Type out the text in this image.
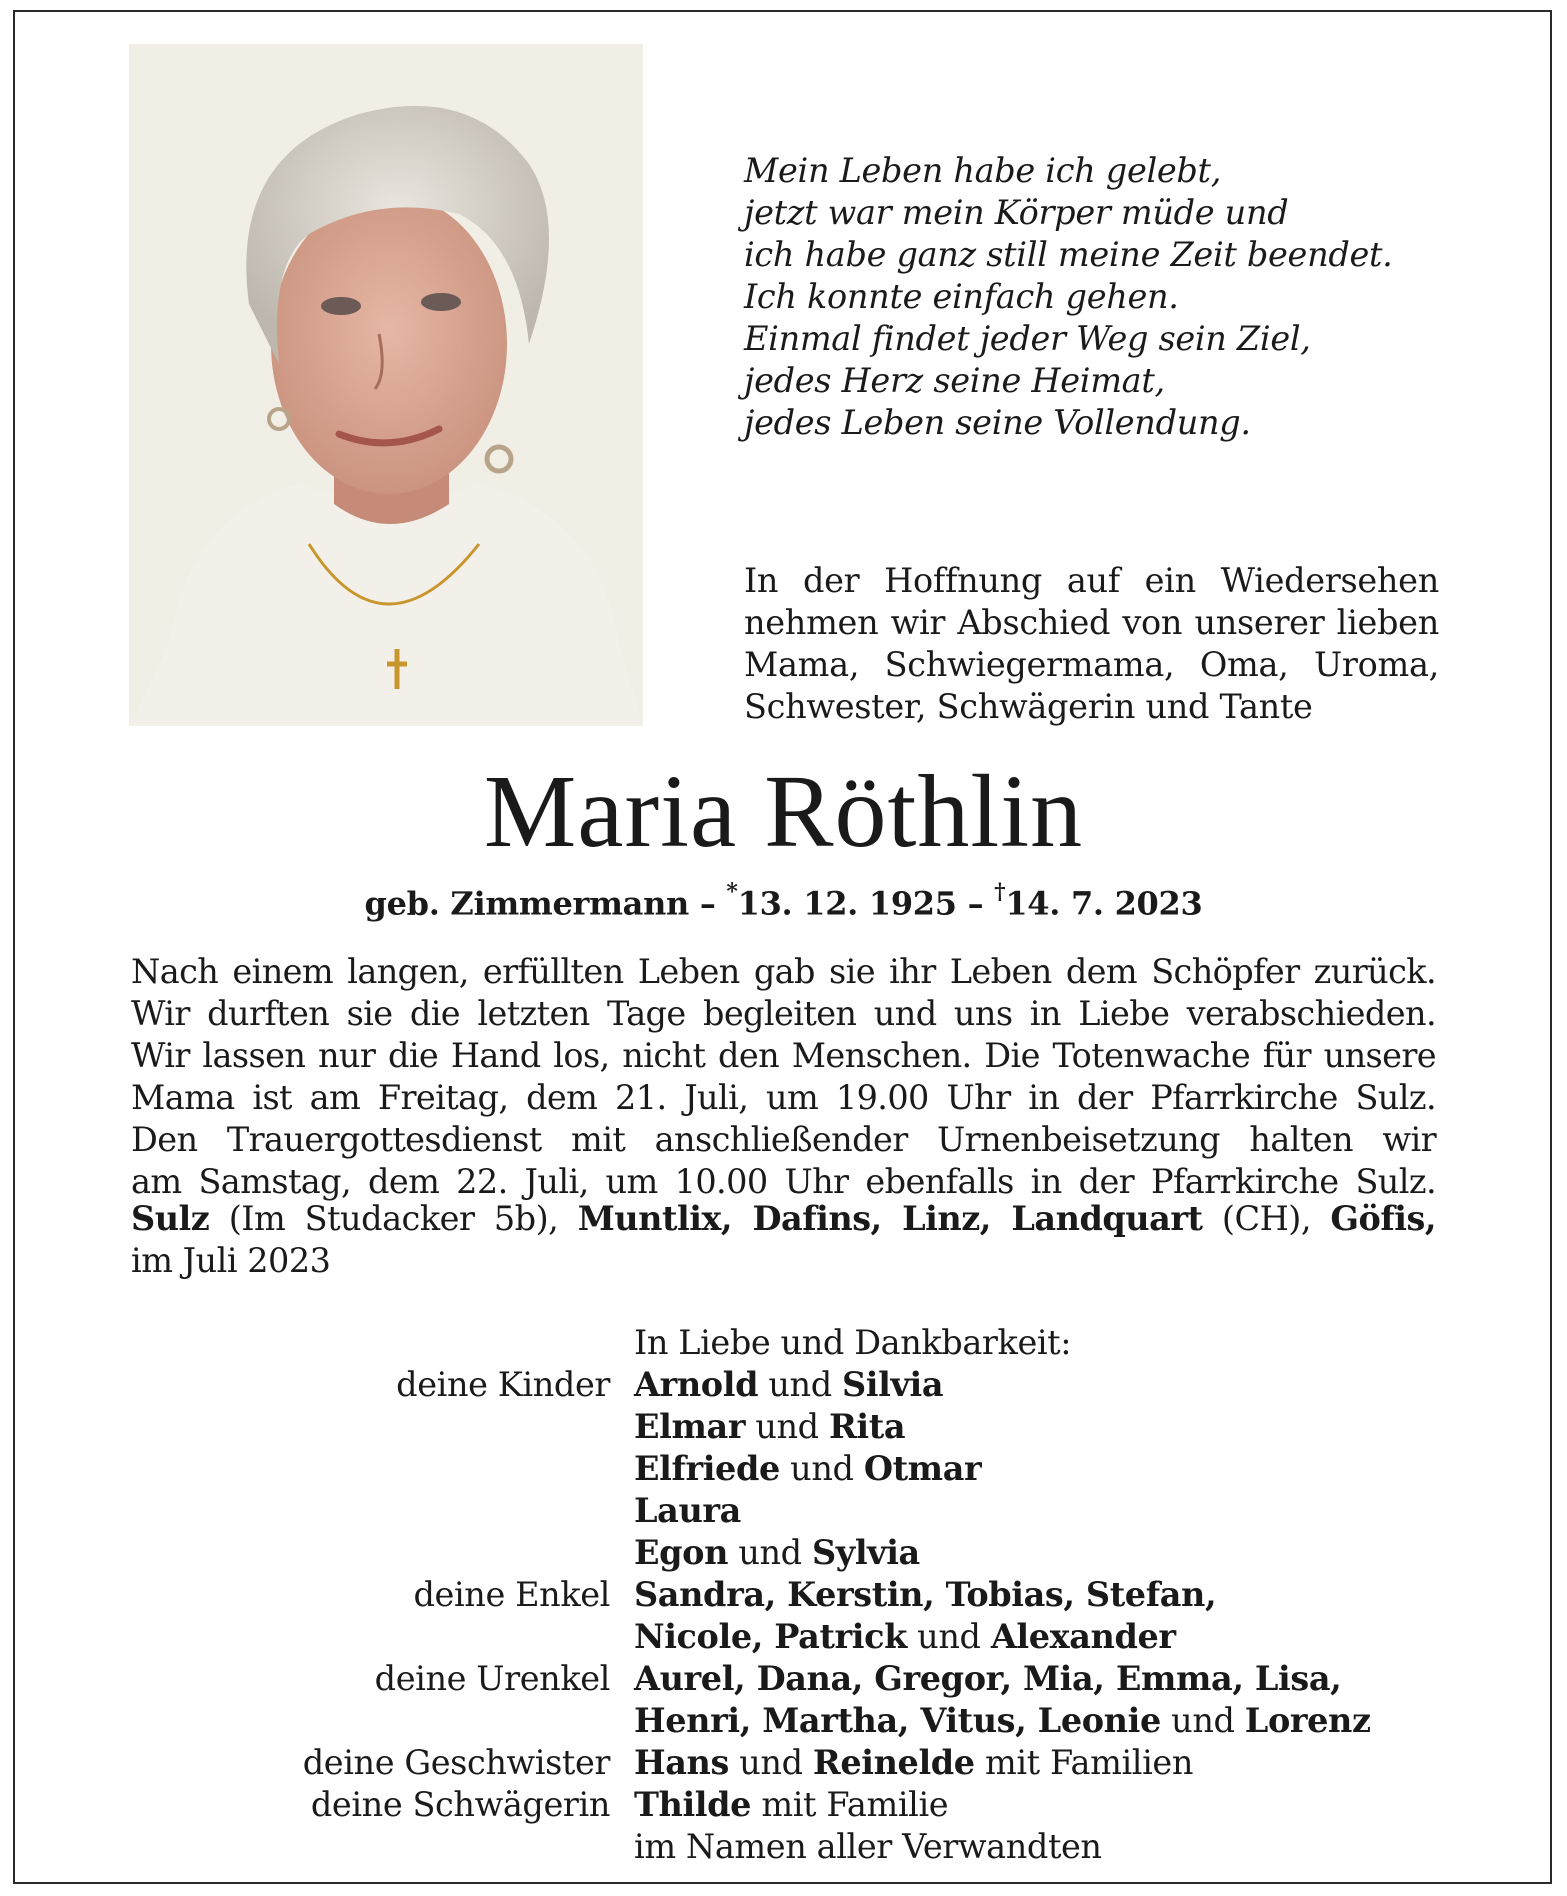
Mein Leben habe ich gelebt,
jetzt war mein Körper müde und
ich habe ganz still meine Zeit beendet.
Ich konnte einfach gehen.
Einmal findet jeder Weg sein Ziel,
jedes Herz seine Heimat,
jedes Leben seine Vollendung.
In der Hoffnung auf ein Wiedersehen nehmen wir Abschied von unserer lieben Mama, Schwiegermama, Oma, Uroma, Schwester, Schwägerin und Tante
Maria Röthlin
geb. Zimmermann – *13. 12. 1925 – †14. 7. 2023
Nach einem langen, erfüllten Leben gab sie ihr Leben dem Schöpfer zurück.
Wir durften sie die letzten Tage begleiten und uns in Liebe verabschieden.
Wir lassen nur die Hand los, nicht den Menschen. Die Totenwache für unsere
Mama ist am Freitag, dem 21. Juli, um 19.00 Uhr in der Pfarrkirche Sulz.
Den Trauergottesdienst mit anschließender Urnenbeisetzung halten wir
am Samstag, dem 22. Juli, um 10.00 Uhr ebenfalls in der Pfarrkirche Sulz.
Sulz (Im Studacker 5b), Muntlix, Dafins, Linz, Landquart (CH), Göfis,
im Juli 2023
In Liebe und Dankbarkeit:
deine Kinder Arnold und Silvia
Elmar und Rita
Elfriede und Otmar
Laura
Egon und Sylvia
deine Enkel Sandra, Kerstin, Tobias, Stefan,
Nicole, Patrick und Alexander
deine Urenkel Aurel, Dana, Gregor, Mia, Emma, Lisa,
Henri, Martha, Vitus, Leonie und Lorenz
deine Geschwister Hans und Reinelde mit Familien
deine Schwägerin Thilde mit Familie
im Namen aller Verwandten
